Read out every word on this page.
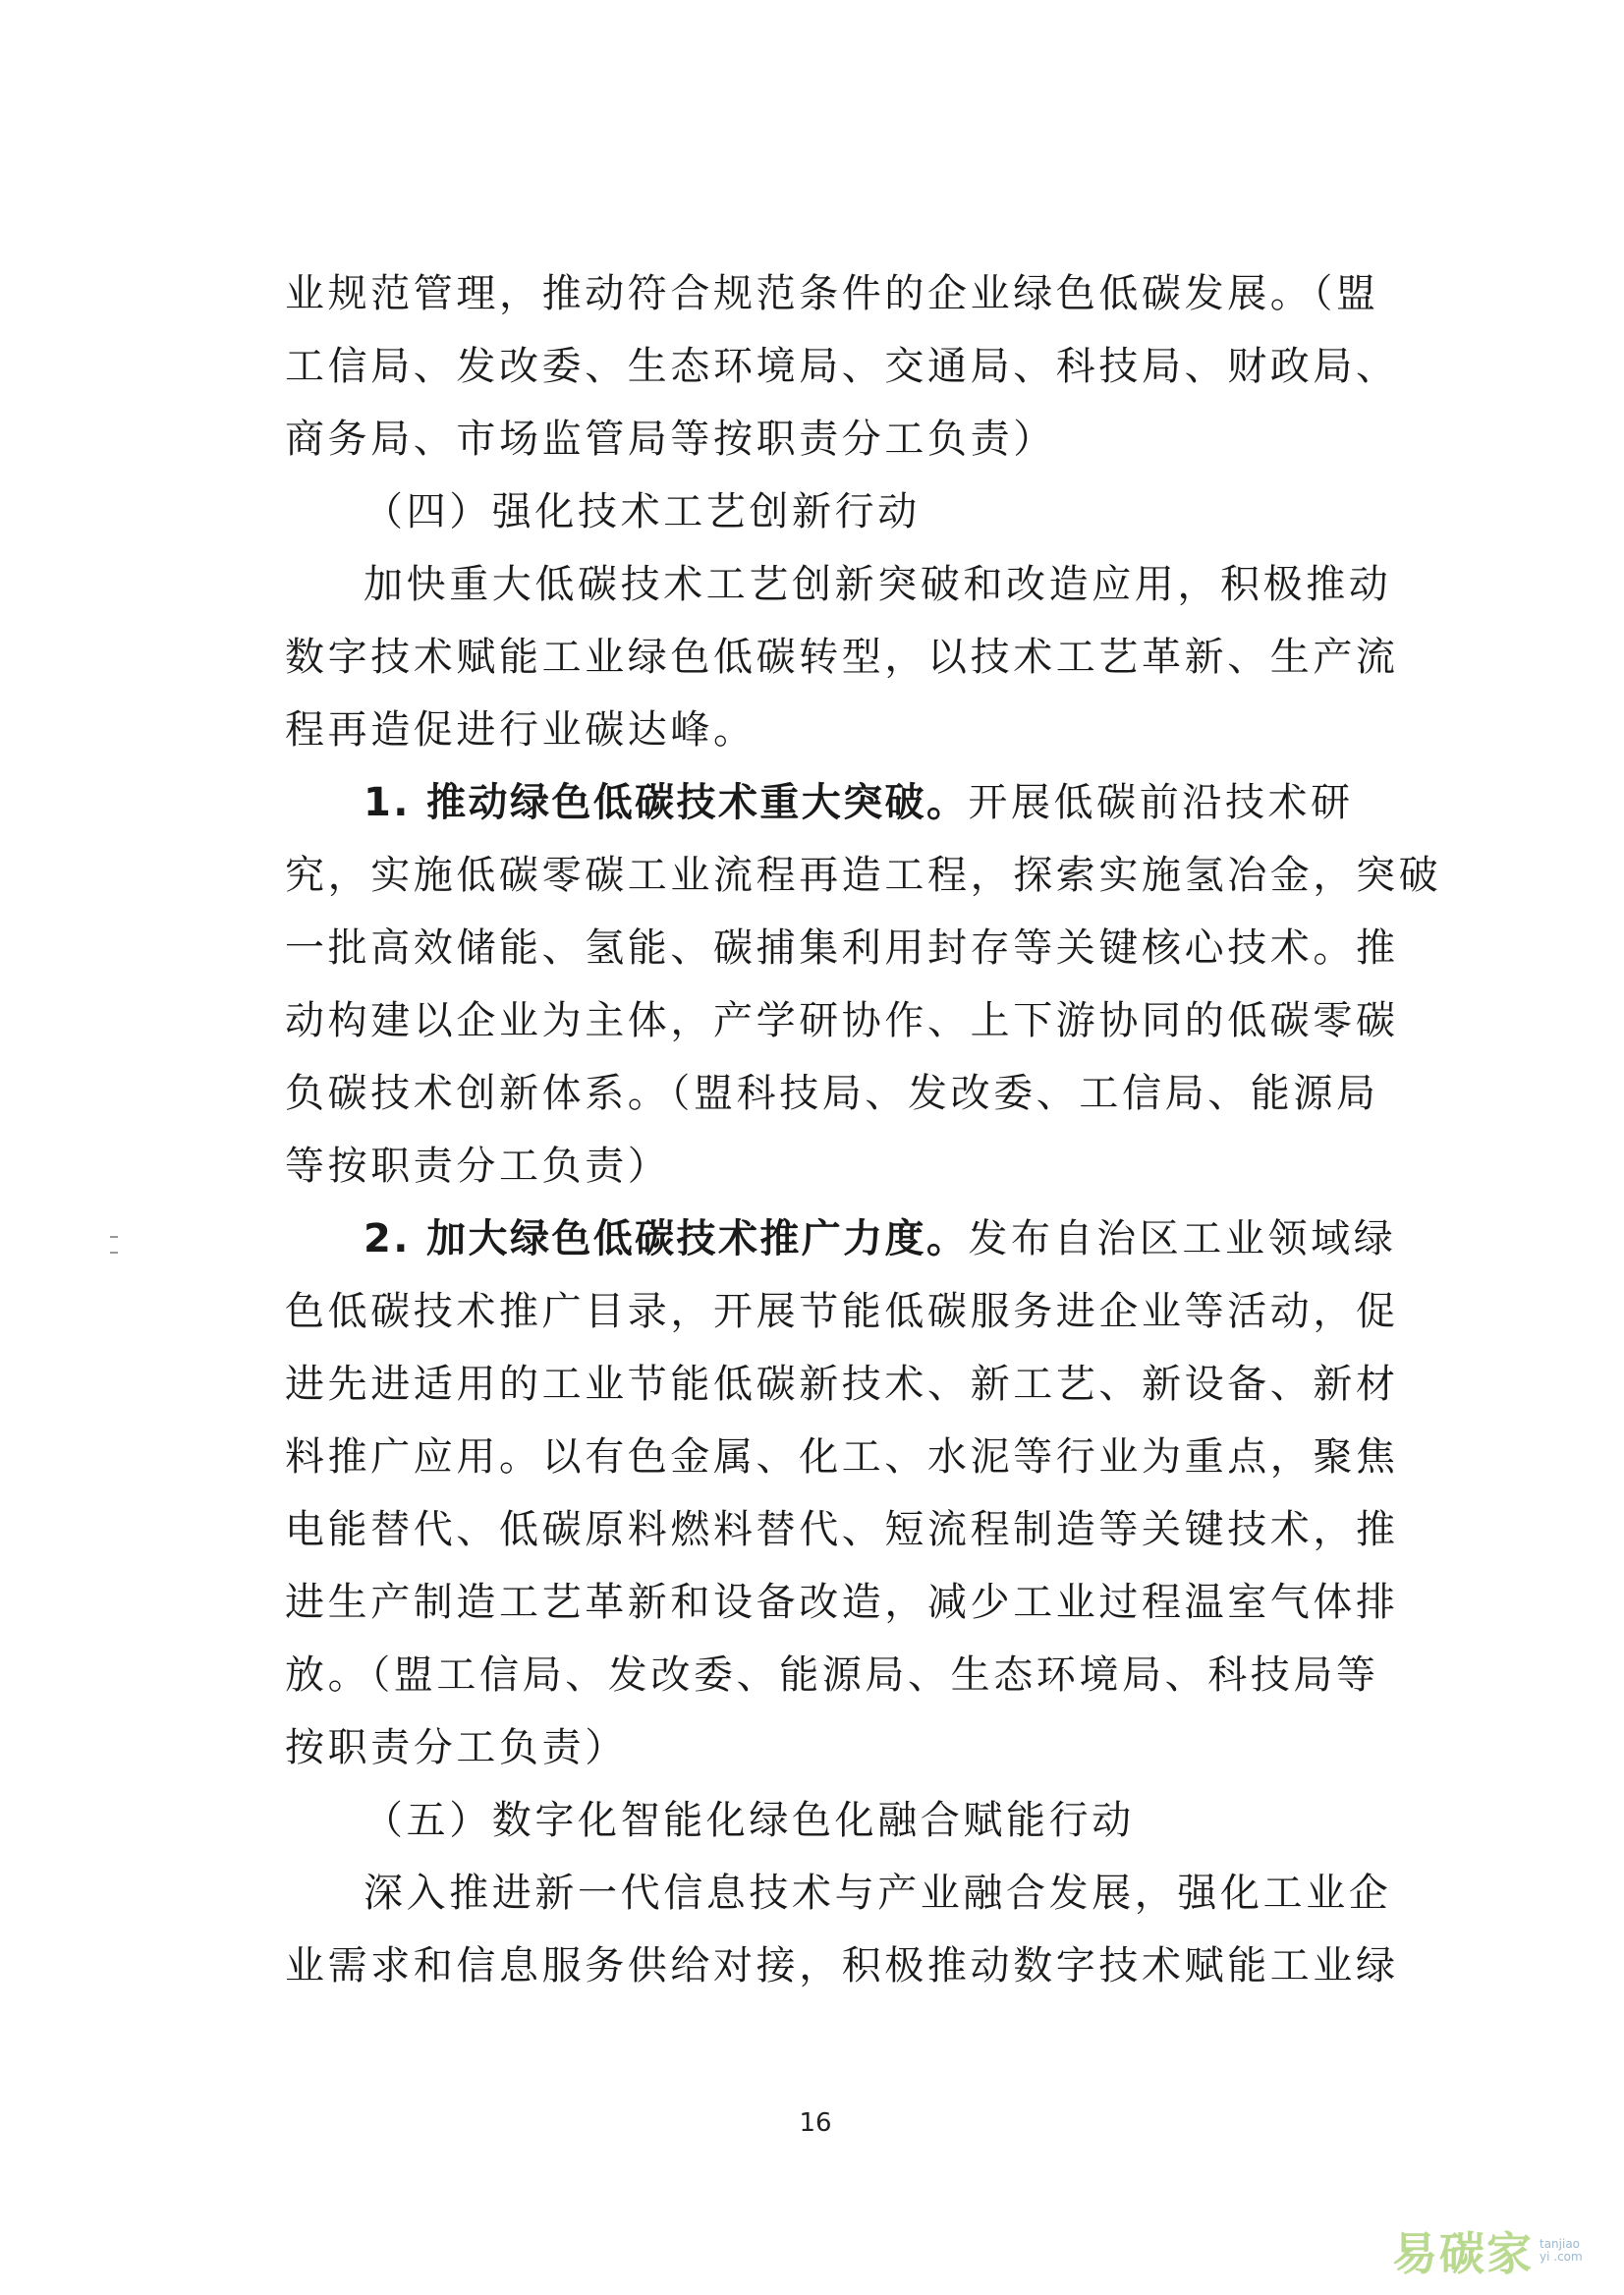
业规范管理，推动符合规范条件的企业绿色低碳发展。（盟
工信局、发改委、生态环境局、交通局、科技局、财政局、
商务局、市场监管局等按职责分工负责）
（四）强化技术工艺创新行动
加快重大低碳技术工艺创新突破和改造应用，积极推动
数字技术赋能工业绿色低碳转型，以技术工艺革新、生产流
程再造促进行业碳达峰。
1. 推动绿色低碳技术重大突破。开展低碳前沿技术研
究，实施低碳零碳工业流程再造工程，探索实施氢冶金，突破
一批高效储能、氢能、碳捕集利用封存等关键核心技术。推
动构建以企业为主体，产学研协作、上下游协同的低碳零碳
负碳技术创新体系。（盟科技局、发改委、工信局、能源局
等按职责分工负责）
2. 加大绿色低碳技术推广力度。发布自治区工业领域绿
色低碳技术推广目录，开展节能低碳服务进企业等活动，促
进先进适用的工业节能低碳新技术、新工艺、新设备、新材
料推广应用。以有色金属、化工、水泥等行业为重点，聚焦
电能替代、低碳原料燃料替代、短流程制造等关键技术，推
进生产制造工艺革新和设备改造，减少工业过程温室气体排
放。（盟工信局、发改委、能源局、生态环境局、科技局等
按职责分工负责）
（五）数字化智能化绿色化融合赋能行动
深入推进新一代信息技术与产业融合发展，强化工业企
业需求和信息服务供给对接，积极推动数字技术赋能工业绿
16
易碳家 tanjiaoyi .com
